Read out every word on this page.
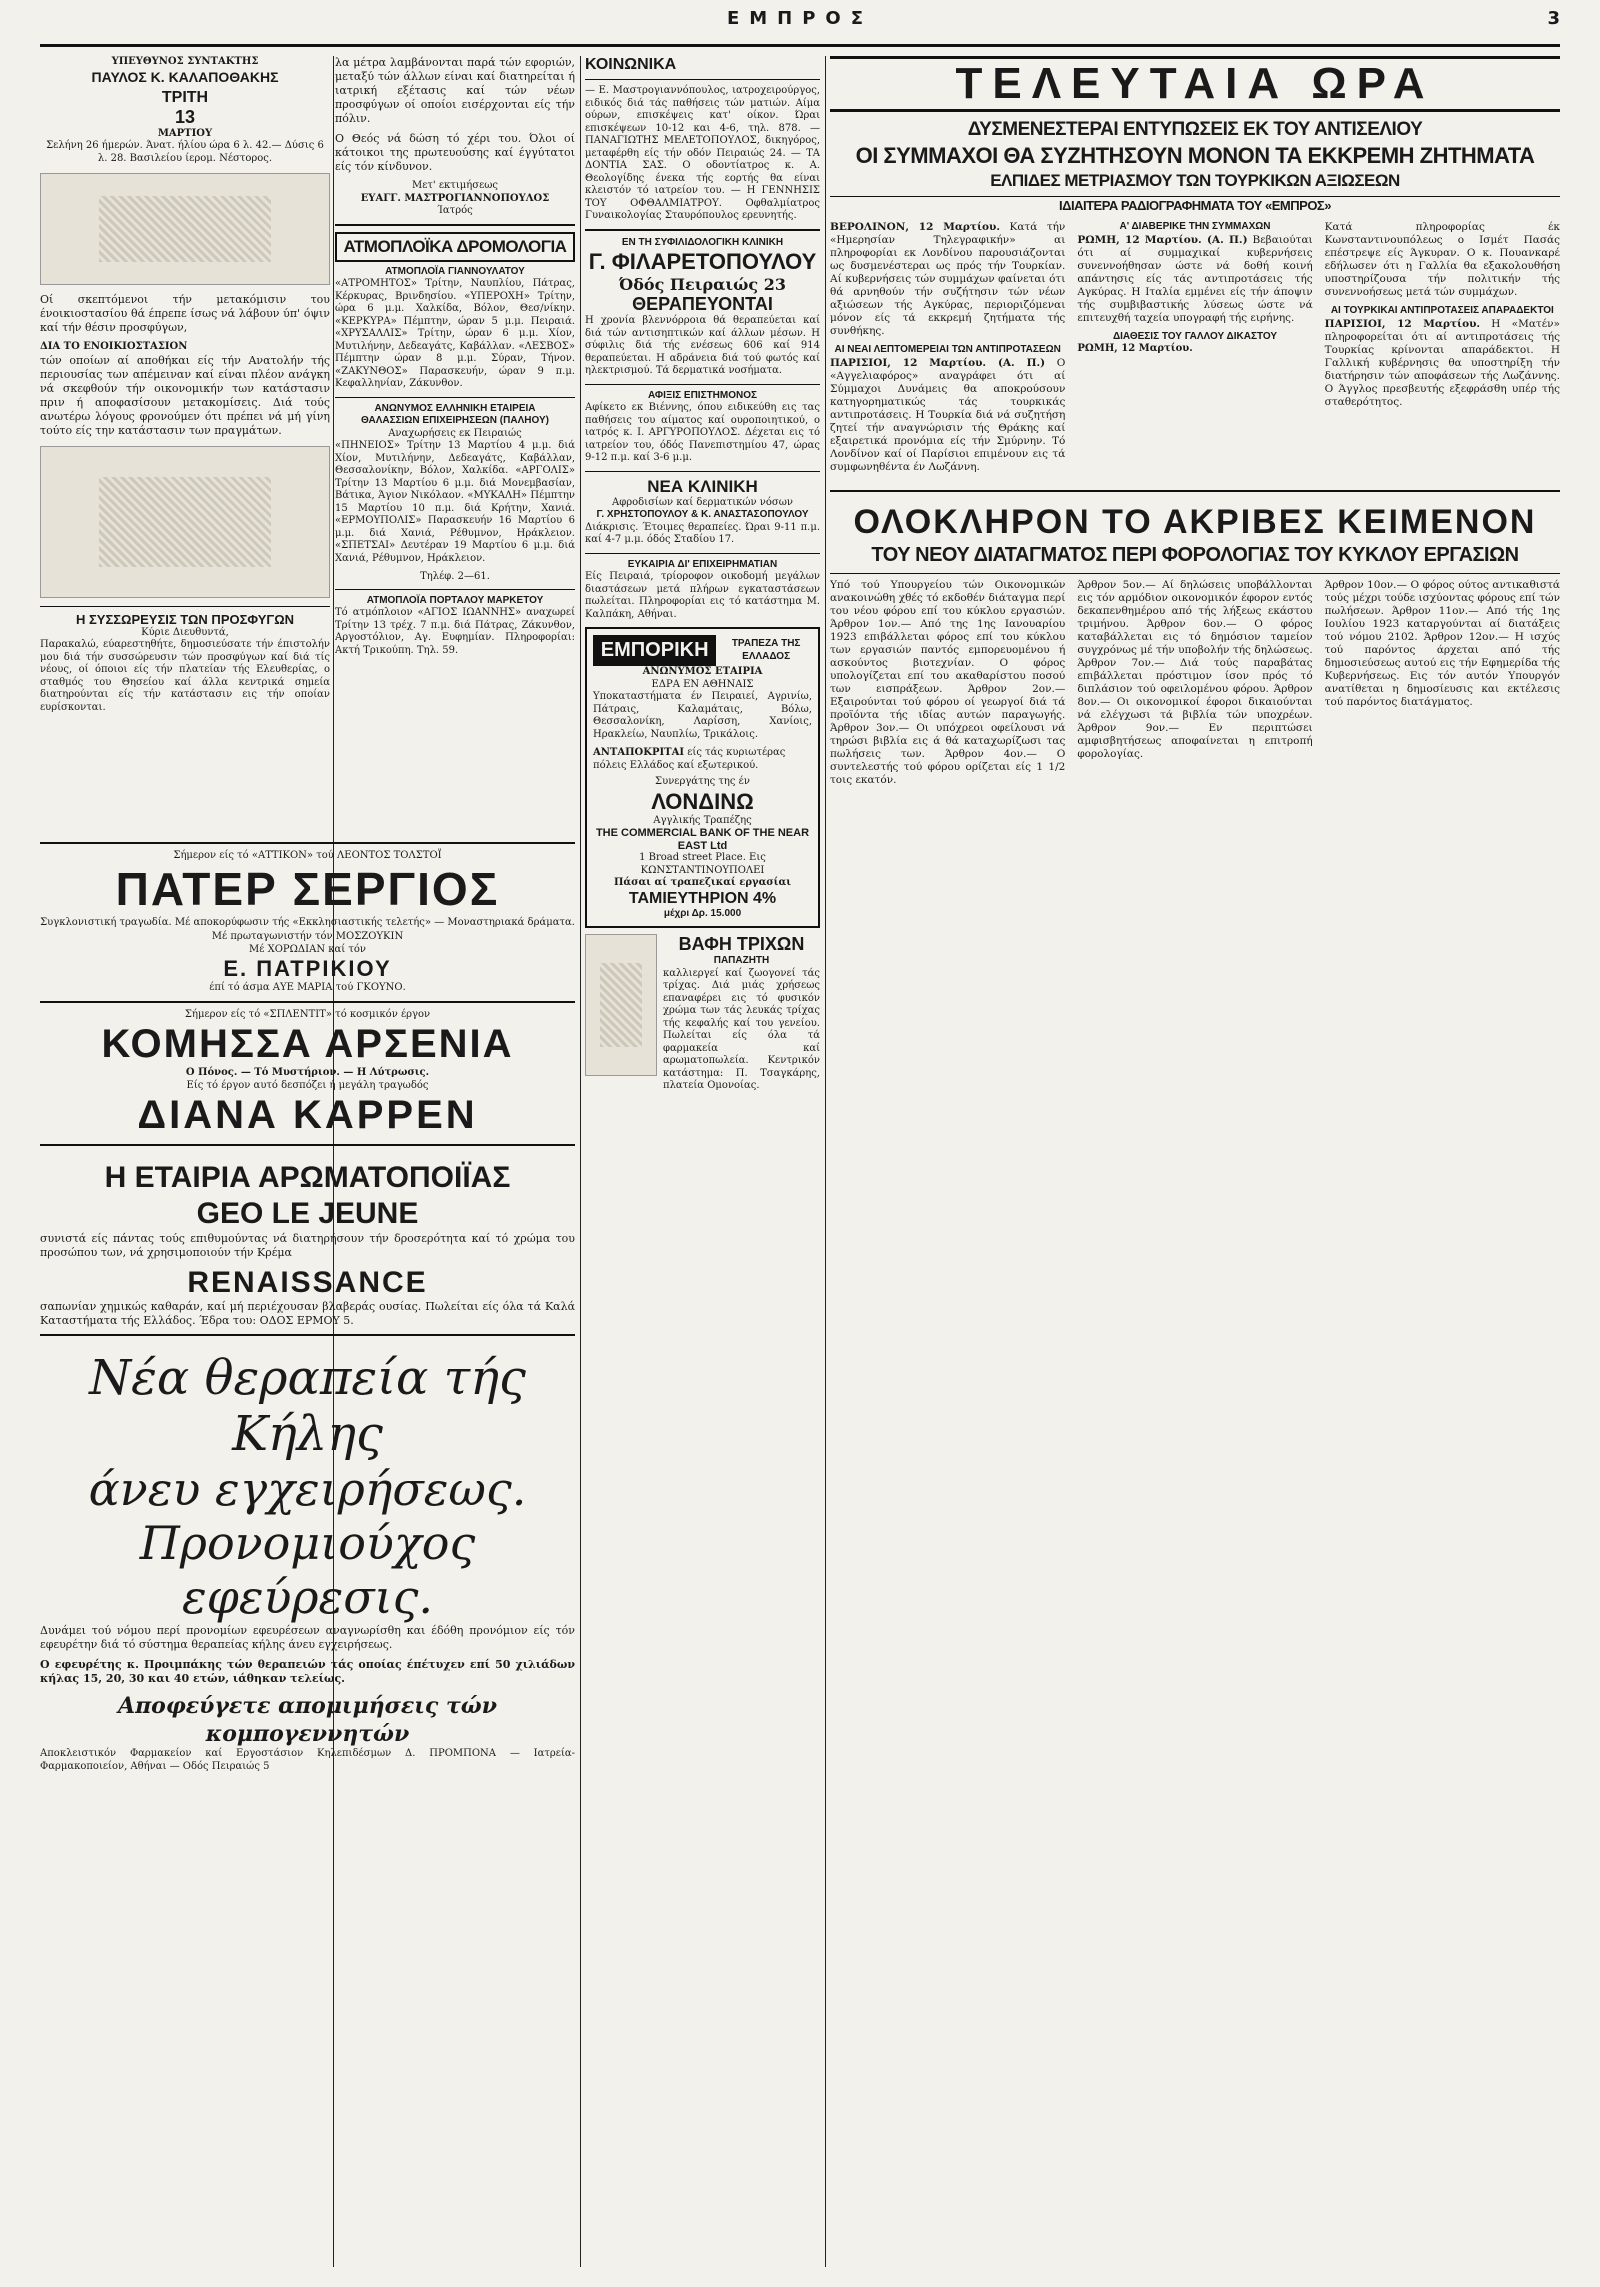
ΕΜΠΡΟΣ	3
ΥΠΕΥΘΥΝΟΣ ΣΥΝΤΑΚΤΗΣ
ΠΑΥΛΟΣ Κ. ΚΑΛΑΠΟΘΑΚΗΣ
ΤΡΙΤΗ
13
ΜΑΡΤΙΟΥ

Σελήνη 26 ήμερών. Άνατ. ήλίου ώρα 6 λ. 42.— Δύσις 6 λ. 28. Βασιλείου ίερομ. Νέστορος.

Οί σκεπτόμενοι τήν μετακόμισιν του ένοικιοστασίου θά έπρεπε ίσως νά λάβουν ύπ' όψιν καί τήν θέσιν προσφύγων,

ΔΙΑ ΤΟ ΕΝΟΙΚΙΟΣΤΑΣΙΟΝ

τών οποίων αί αποθήκαι είς τήν Ανατολήν τής περιουσίας των απέμειναν καί είναι πλέον ανάγκη νά σκεφθούν τήν οικονομικήν των κατάστασιν πριν ή αποφασίσουν μετακομίσεις. Διά τούς ανωτέρω λόγους φρονούμεν ότι πρέπει νά μή γίνη τούτο είς την κατάστασιν των πραγμάτων.

Η ΣΥΣΣΩΡΕΥΣΙΣ ΤΩΝ ΠΡΟΣΦΥΓΩΝ
Κύριε Διευθυντά,

Παρακαλώ, εύαρεστηθήτε, δημοσιεύσατε τήν έπιστολήν μου διά τήν συσσώρευσιν τών προσφύγων καί διά τίς νέους, οί όποιοι είς τήν πλατείαν τής Ελευθερίας, ο σταθμός του Θησείου καί άλλα κεντρικά σημεία διατηρούνται είς τήν κατάστασιν εις τήν οποίαν ευρίσκονται.

Σήμερον είς τό «ΑΤΤΙΚΟΝ» τού ΛΕΟΝΤΟΣ ΤΟΛΣΤΟΪ
ΠΑΤΕΡ ΣΕΡΓΙΟΣ

Συγκλονιστική τραγωδία. Μέ αποκορύφωσιν τής «Εκκλησιαστικής τελετής» — Μοναστηριακά δράματα.

Μέ πρωταγωνιστήν τόν ΜΟΣΖΟΥΚΙΝ
Μέ ΧΟΡΩΔΙΑΝ καί τόν
Ε. ΠΑΤΡΙΚΙΟΥ
έπί τό άσμα ΑΥΕ ΜΑΡΙΑ τού ΓΚΟΥΝΟ.
Σήμερον είς τό «ΣΠΛΕΝΤΙΤ» τό κοσμικόν έργον
ΚΟΜΗΣΣΑ ΑΡΣΕΝΙΑ
Ο Πόνος. — Τό Μυστήριον. — Η Λύτρωσις.
Είς τό έργον αυτό δεσπόζει ή μεγάλη τραγωδός
ΔΙΑΝΑ ΚΑΡΡΕΝ
Η ΕΤΑΙΡΙΑ ΑΡΩΜΑΤΟΠΟΙΪΑΣ
GEO LE JEUNE

συνιστά είς πάντας τούς επιθυμούντας νά διατηρήσουν τήν δροσερότητα καί τό χρώμα του προσώπου των, νά χρησιμοποιούν τήν Κρέμα

RENAISSANCE

σαπωνίαν χημικώς καθαράν, καί μή περιέχουσαν βλαβεράς ουσίας. Πωλείται είς όλα τά Καλά Καταστήματα τής Ελλάδος. Έδρα του: ΟΔΟΣ ΕΡΜΟΥ 5.

Νέα θεραπεία τής Κήλης
άνευ εγχειρήσεως.
Προνομιούχος εφεύρεσις.

Δυνάμει τού νόμου περί προνομίων εφευρέσεων αναγνωρίσθη και έδόθη προνόμιον είς τόν εφευρέτην διά τό σύστημα θεραπείας κήλης άνευ εγχειρήσεως.

Ο εφευρέτης κ. Προιμπάκης τών θεραπειών τάς οποίας έπέτυχεν επί 50 χιλιάδων κήλας 15, 20, 30 και 40 ετών, ιάθηκαν τελείως.

Αποφεύγετε απομιμήσεις τών κομπογεννητών

Αποκλειστικόν Φαρμακείον καί Εργοστάσιον Κηλεπιδέσμων Δ. ΠΡΟΜΠΟΝΑ — Ιατρεία-Φαρμακοποιείον, Αθήναι — Οδός Πειραιώς 5

λα μέτρα λαμβάνονται παρά τών εφοριών, μεταξύ τών άλλων είναι καί διατηρείται ή ιατρική εξέτασις καί τών νέων προσφύγων οί οποίοι εισέρχονται είς τήν πόλιν.

Ο Θεός νά δώση τό χέρι του. Όλοι οί κάτοικοι της πρωτευούσης καί έγγύτατοι είς τόν κίνδυνον.

Μετ' εκτιμήσεως
ΕΥΑΓΓ. ΜΑΣΤΡΟΓΙΑΝΝΟΠΟΥΛΟΣ
Ίατρός
ΑΤΜΟΠΛΟΪΚΑ ΔΡΟΜΟΛΟΓΙΑ
ΑΤΜΟΠΛΟΪΑ ΓΙΑΝΝΟΥΛΑΤΟΥ

«ΑΤΡΟΜΗΤΟΣ» Τρίτην, Ναυπλίου, Πάτρας, Κέρκυρας, Βρινδησίου. «ΥΠΕΡΟΧΗ» Τρίτην, ώρα 6 μ.μ. Χαλκίδα, Βόλον, Θεσ/νίκην. «ΚΕΡΚΥΡΑ» Πέμπτην, ώραν 5 μ.μ. Πειραιά. «ΧΡΥΣΑΛΛΙΣ» Τρίτην, ώραν 6 μ.μ. Χίον, Μυτιλήνην, Δεδεαγάτς, Καβάλλαν. «ΛΕΣΒΟΣ» Πέμπτην ώραν 8 μ.μ. Σύραν, Τήνον. «ΖΑΚΥΝΘΟΣ» Παρασκευήν, ώραν 9 π.μ. Κεφαλληνίαν, Ζάκυνθον.

ΑΝΩΝΥΜΟΣ ΕΛΛΗΝΙΚΗ ΕΤΑΙΡΕΙΑ
ΘΑΛΑΣΣΙΩΝ ΕΠΙΧΕΙΡΗΣΕΩΝ (ΠΑΛΗΟΥ)
Αναχωρήσεις εκ Πειραιώς

«ΠΗΝΕΙΟΣ» Τρίτην 13 Μαρτίου 4 μ.μ. διά Χίον, Μυτιλήνην, Δεδεαγάτς, Καβάλλαν, Θεσσαλονίκην, Βόλον, Χαλκίδα. «ΑΡΓΟΛΙΣ» Τρίτην 13 Μαρτίου 6 μ.μ. διά Μονεμβασίαν, Βάτικα, Άγιον Νικόλαον. «ΜΥΚΑΛΗ» Πέμπτην 15 Μαρτίου 10 π.μ. διά Κρήτην, Χανιά. «ΕΡΜΟΥΠΟΛΙΣ» Παρασκευήν 16 Μαρτίου 6 μ.μ. διά Χανιά, Ρέθυμνον, Ηράκλειον. «ΣΠΕΤΣΑΙ» Δευτέραν 19 Μαρτίου 6 μ.μ. διά Χανιά, Ρέθυμνον, Ηράκλειον.

Τηλέφ. 2—61.
ΑΤΜΟΠΛΟΪΑ ΠΟΡΤΑΛΟΥ ΜΑΡΚΕΤΟΥ

Τό ατμόπλοιον «ΑΓΙΟΣ ΙΩΑΝΝΗΣ» αναχωρεί Τρίτην 13 τρέχ. 7 π.μ. διά Πάτρας, Ζάκυνθον, Αργοστόλιον, Αγ. Ευφημίαν. Πληροφορίαι: Ακτή Τρικούπη. Τηλ. 59.

ΚΟΙΝΩΝΙΚΑ

— Ε. Μαστρογιαννόπουλος, ιατροχειρούργος, ειδικός διά τάς παθήσεις τών ματιών. Αίμα ούρων, επισκέψεις κατ' οίκον. Ώραι επισκέψεων 10-12 και 4-6, τηλ. 878. — ΠΑΝΑΓΙΩΤΗΣ ΜΕΛΕΤΟΠΟΥΛΟΣ, δικηγόρος, μεταφέρθη είς τήν οδόν Πειραιώς 24. — ΤΑ ΔΟΝΤΙΑ ΣΑΣ. Ο οδοντίατρος κ. Α. Θεολογίδης ένεκα τής εορτής θα είναι κλειστόν τό ιατρείον του. — Η ΓΕΝΝΗΣΙΣ ΤΟΥ ΟΦΘΑΛΜΙΑΤΡΟΥ. Οφθαλμίατρος Γυναικολογίας Σταυρόπουλος ερευνητής.

ΕΝ ΤΗ ΣΥΦΙΛΙΔΟΛΟΓΙΚΗ ΚΛΙΝΙΚΗ
Γ. ΦΙΛΑΡΕΤΟΠΟΥΛΟΥ
Όδός Πειραιώς 23
ΘΕΡΑΠΕΥΟΝΤΑΙ

Η χρονία βλεννόρροια θά θεραπεύεται καί διά τών αντισηπτικών καί άλλων μέσων. Η σύφιλις διά τής ενέσεως 606 καί 914 θεραπεύεται. Η αδράνεια διά τού φωτός καί ηλεκτρισμού. Τά δερματικά νοσήματα.

ΑΦΙΞΙΣ ΕΠΙΣΤΗΜΟΝΟΣ

Αφίκετο εκ Βιέννης, όπου ειδικεύθη εις τας παθήσεις του αίματος καί ουροποιητικού, ο ιατρός κ. Ι. ΑΡΓΥΡΟΠΟΥΛΟΣ. Δέχεται εις τό ιατρείον του, όδός Πανεπιστημίου 47, ώρας 9-12 π.μ. καί 3-6 μ.μ.

ΝΕΑ ΚΛΙΝΙΚΗ
Αφροδισίων καί δερματικών νόσων
Γ. ΧΡΗΣΤΟΠΟΥΛΟΥ & Κ. ΑΝΑΣΤΑΣΟΠΟΥΛΟΥ

Διάκρισις. Έτοιμες θεραπείες. Ώραι 9-11 π.μ. καί 4-7 μ.μ. όδός Σταδίου 17.

ΕΥΚΑΙΡΙΑ ΔΙ' ΕΠΙΧΕΙΡΗΜΑΤΙΑΝ

Είς Πειραιά, τρίοροφον οικοδομή μεγάλων διαστάσεων μετά πλήρων εγκαταστάσεων πωλείται. Πληροφορίαι εις τό κατάστημα Μ. Καλπάκη, Αθήναι.

ΕΜΠΟΡΙΚΗ	ΤΡΑΠΕΖΑ ΤΗΣ ΕΛΛΑΔΟΣ
ΑΝΩΝΥΜΟΣ ΕΤΑΙΡΙΑ
ΕΔΡΑ ΕΝ ΑΘΗΝΑΙΣ

Υποκαταστήματα έν Πειραιεί, Αγρινίω, Πάτραις, Καλαμάταις, Βόλω, Θεσσαλονίκη, Λαρίσση, Χανίοις, Ηρακλείω, Ναυπλίω, Τρικάλοις.

ΑΝΤΑΠΟΚΡΙΤΑΙ είς τάς κυριωτέρας πόλεις Ελλάδος καί εξωτερικού.
Συνεργάτης της έν
ΛΟΝΔΙΝΩ
Αγγλικής Τραπέζης
THE COMMERCIAL BANK OF THE NEAR EAST Ltd
1 Broad street Place. Εις ΚΩΝΣΤΑΝΤΙΝΟΥΠΟΛΕΙ
Πάσαι αί τραπεζικαί εργασίαι
ΤΑΜΙΕΥΤΗΡΙΟΝ 4%
μέχρι Δρ. 15.000
ΒΑΦΗ ΤΡΙΧΩΝ
ΠΑΠΑΖΗΤΗ

καλλιεργεί καί ζωογονεί τάς τρίχας. Διά μιάς χρήσεως επαναφέρει εις τό φυσικόν χρώμα των τάς λευκάς τρίχας τής κεφαλής καί του γενείου. Πωλείται είς όλα τά φαρμακεία καί αρωματοπωλεία. Κεντρικόν κατάστημα: Π. Τσαγκάρης, πλατεία Ομονοίας.

ΤΕΛΕΥΤΑΙΑ ΩΡΑ
ΔΥΣΜΕΝΕΣΤΕΡΑΙ ΕΝΤΥΠΩΣΕΙΣ ΕΚ ΤΟΥ ΑΝΤΙΣΕΛΙΟΥ
ΟΙ ΣΥΜΜΑΧΟΙ ΘΑ ΣΥΖΗΤΗΣΟΥΝ ΜΟΝΟΝ ΤΑ ΕΚΚΡΕΜΗ ΖΗΤΗΜΑΤΑ
ΕΛΠΙΔΕΣ ΜΕΤΡΙΑΣΜΟΥ ΤΩΝ ΤΟΥΡΚΙΚΩΝ ΑΞΙΩΣΕΩΝ
ΙΔΙΑΙΤΕΡΑ ΡΑΔΙΟΓΡΑΦΗΜΑΤΑ ΤΟΥ «ΕΜΠΡΟΣ»

ΒΕΡΟΛΙΝΟΝ, 12 Μαρτίου. Κατά τήν «Ημερησίαν Τηλεγραφικήν» αι πληροφορίαι εκ Λονδίνου παρουσιάζονται ως δυσμενέστεραι ως πρός τήν Τουρκίαν. Αί κυβερνήσεις τών συμμάχων φαίνεται ότι θά αρνηθούν τήν συζήτησιν τών νέων αξιώσεων τής Αγκύρας, περιοριζόμεναι μόνον είς τά εκκρεμή ζητήματα τής συνθήκης.

ΑΙ ΝΕΑΙ ΛΕΠΤΟΜΕΡΕΙΑΙ ΤΩΝ ΑΝΤΙΠΡΟΤΑΣΕΩΝ

ΠΑΡΙΣΙΟΙ, 12 Μαρτίου. (Α. Π.) Ο «Αγγελιαφόρος» αναγράφει ότι αί Σύμμαχοι Δυνάμεις θα αποκρούσουν κατηγορηματικώς τάς τουρκικάς αντιπροτάσεις. Η Τουρκία διά νά συζητήση ζητεί τήν αναγνώρισιν τής Θράκης καί εξαιρετικά προνόμια είς τήν Σμύρνην. Τό Λονδίνον καί οί Παρίσιοι επιμένουν εις τά συμφωνηθέντα έν Λωζάννη.

Α' ΔΙΑΒΕΡΙΚΕ ΤΗΝ ΣΥΜΜΑΧΩΝ

ΡΩΜΗ, 12 Μαρτίου. (Α. Π.) Βεβαιούται ότι αί συμμαχικαί κυβερνήσεις συνεννοήθησαν ώστε νά δοθή κοινή απάντησις είς τάς αντιπροτάσεις τής Αγκύρας. Η Ιταλία εμμένει είς τήν άποψιν τής συμβιβαστικής λύσεως ώστε νά επιτευχθή ταχεία υπογραφή τής ειρήνης.

ΔΙΑΘΕΣΙΣ ΤΟΥ ΓΑΛΛΟΥ ΔΙΚΑΣΤΟΥ
ΡΩΜΗ, 12 Μαρτίου.

Κατά πληροφορίας έκ Κωνσταντινουπόλεως ο Ισμέτ Πασάς επέστρεψε είς Άγκυραν. Ο κ. Πουανκαρέ εδήλωσεν ότι η Γαλλία θα εξακολουθήση υποστηρίζουσα τήν πολιτικήν τής συνεννοήσεως μετά τών συμμάχων.

ΑΙ ΤΟΥΡΚΙΚΑΙ ΑΝΤΙΠΡΟΤΑΣΕΙΣ ΑΠΑΡΑΔΕΚΤΟΙ

ΠΑΡΙΣΙΟΙ, 12 Μαρτίου. Η «Ματέν» πληροφορείται ότι αί αντιπροτάσεις τής Τουρκίας κρίνονται απαράδεκτοι. Η Γαλλική κυβέρνησις θα υποστηρίξη τήν διατήρησιν τών αποφάσεων τής Λωζάννης. Ο Άγγλος πρεσβευτής εξεφράσθη υπέρ τής σταθερότητος.

ΟΛΟΚΛΗΡΟΝ ΤΟ ΑΚΡΙΒΕΣ ΚΕΙΜΕΝΟΝ
ΤΟΥ ΝΕΟΥ ΔΙΑΤΑΓΜΑΤΟΣ ΠΕΡΙ ΦΟΡΟΛΟΓΙΑΣ ΤΟΥ ΚΥΚΛΟΥ ΕΡΓΑΣΙΩΝ

Υπό τού Υπουργείου τών Οικονομικών ανακοινώθη χθές τό εκδοθέν διάταγμα περί του νέου φόρου επί του κύκλου εργασιών. Άρθρον 1ον.— Από της 1ης Ιανουαρίου 1923 επιβάλλεται φόρος επί του κύκλου των εργασιών παντός εμπορευομένου ή ασκούντος βιοτεχνίαν. Ο φόρος υπολογίζεται επί του ακαθαρίστου ποσού των εισπράξεων. Άρθρον 2ον.— Εξαιρούνται τού φόρου οί γεωργοί διά τά προϊόντα τής ιδίας αυτών παραγωγής. Άρθρον 3ον.— Οι υπόχρεοι οφείλουσι νά τηρώσι βιβλία εις ά θά καταχωρίζωσι τας πωλήσεις των. Άρθρον 4ον.— Ο συντελεστής τού φόρου ορίζεται είς 1 1/2 τοις εκατόν.

Άρθρον 5ον.— Αί δηλώσεις υποβάλλονται εις τόν αρμόδιον οικονομικόν έφορον εντός δεκαπενθημέρου από τής λήξεως εκάστου τριμήνου. Άρθρον 6ον.— Ο φόρος καταβάλλεται εις τό δημόσιον ταμείον συγχρόνως μέ τήν υποβολήν τής δηλώσεως. Άρθρον 7ον.— Διά τούς παραβάτας επιβάλλεται πρόστιμον ίσον πρός τό διπλάσιον τού οφειλομένου φόρου. Άρθρον 8ον.— Οι οικονομικοί έφοροι δικαιούνται νά ελέγχωσι τά βιβλία τών υποχρέων. Άρθρον 9ον.— Εν περιπτώσει αμφισβητήσεως αποφαίνεται η επιτροπή φορολογίας.

Άρθρον 10ον.— Ο φόρος ούτος αντικαθιστά τούς μέχρι τούδε ισχύοντας φόρους επί τών πωλήσεων. Άρθρον 11ον.— Από τής 1ης Ιουλίου 1923 καταργούνται αί διατάξεις τού νόμου 2102. Άρθρον 12ον.— Η ισχύς τού παρόντος άρχεται από τής δημοσιεύσεως αυτού εις τήν Εφημερίδα τής Κυβερνήσεως. Εις τόν αυτόν Υπουργόν ανατίθεται η δημοσίευσις και εκτέλεσις τού παρόντος διατάγματος.
